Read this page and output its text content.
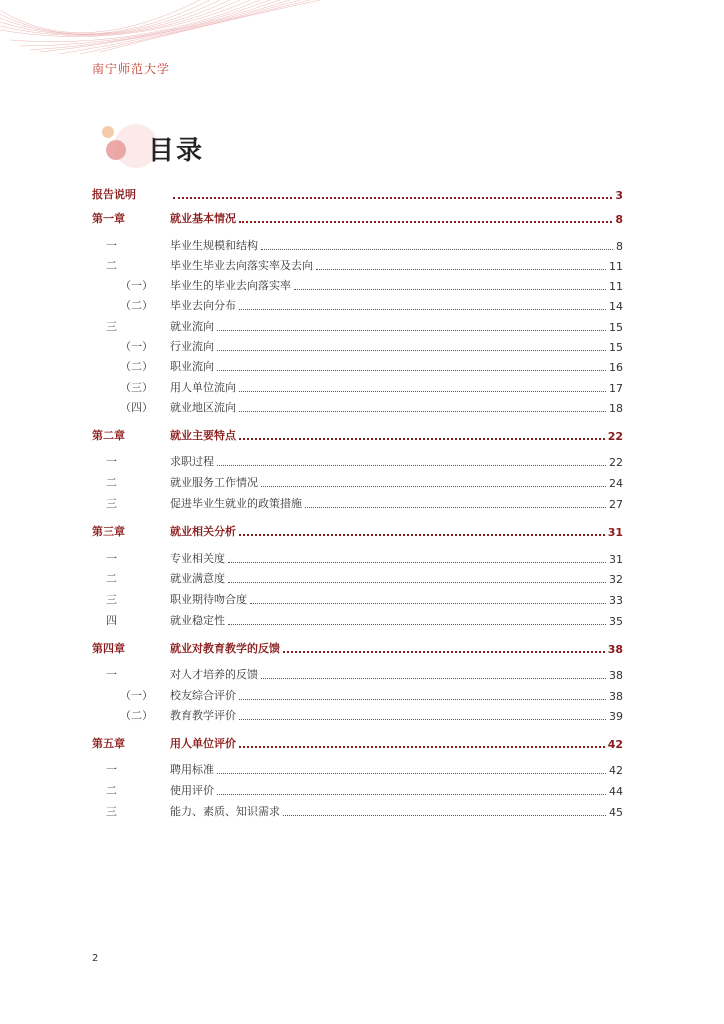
南宁师范大学
目录
报告说明	3
第一章	就业基本情况	8
一	毕业生规模和结构	8
二	毕业生毕业去向落实率及去向	11
（一）	毕业生的毕业去向落实率	11
（二）	毕业去向分布	14
三	就业流向	15
（一）	行业流向	15
（二）	职业流向	16
（三）	用人单位流向	17
（四）	就业地区流向	18
第二章	就业主要特点	22
一	求职过程	22
二	就业服务工作情况	24
三	促进毕业生就业的政策措施	27
第三章	就业相关分析	31
一	专业相关度	31
二	就业满意度	32
三	职业期待吻合度	33
四	就业稳定性	35
第四章	就业对教育教学的反馈	38
一	对人才培养的反馈	38
（一）	校友综合评价	38
（二）	教育教学评价	39
第五章	用人单位评价	42
一	聘用标准	42
二	使用评价	44
三	能力、素质、知识需求	45
2
